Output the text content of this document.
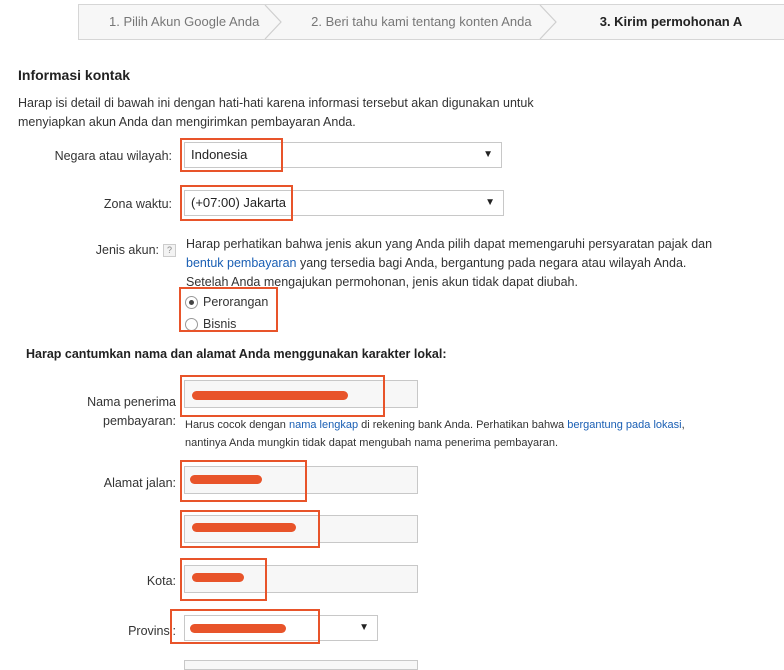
1. Pilih Akun Google Anda	2. Beri tahu kami tentang konten Anda	3. Kirim permohonan A
Informasi kontak
Harap isi detail di bawah ini dengan hati-hati karena informasi tersebut akan digunakan untuk menyiapkan akun Anda dan mengirimkan pembayaran Anda.
Negara atau wilayah:	Indonesia	▼
Zona waktu:	(+07:00) Jakarta	▼
Jenis akun: ?	Harap perhatikan bahwa jenis akun yang Anda pilih dapat memengaruhi persyaratan pajak dan bentuk pembayaran yang tersedia bagi Anda, bergantung pada negara atau wilayah Anda. Setelah Anda mengajukan permohonan, jenis akun tidak dapat diubah.
Perorangan
Bisnis
Harap cantumkan nama dan alamat Anda menggunakan karakter lokal:
Nama penerima
pembayaran: Harus cocok dengan nama lengkap di rekening bank Anda. Perhatikan bahwa bergantung pada lokasi,
nantinya Anda mungkin tidak dapat mengubah nama penerima pembayaran.
Alamat jalan:
Kota:
Provinsi:	▼
